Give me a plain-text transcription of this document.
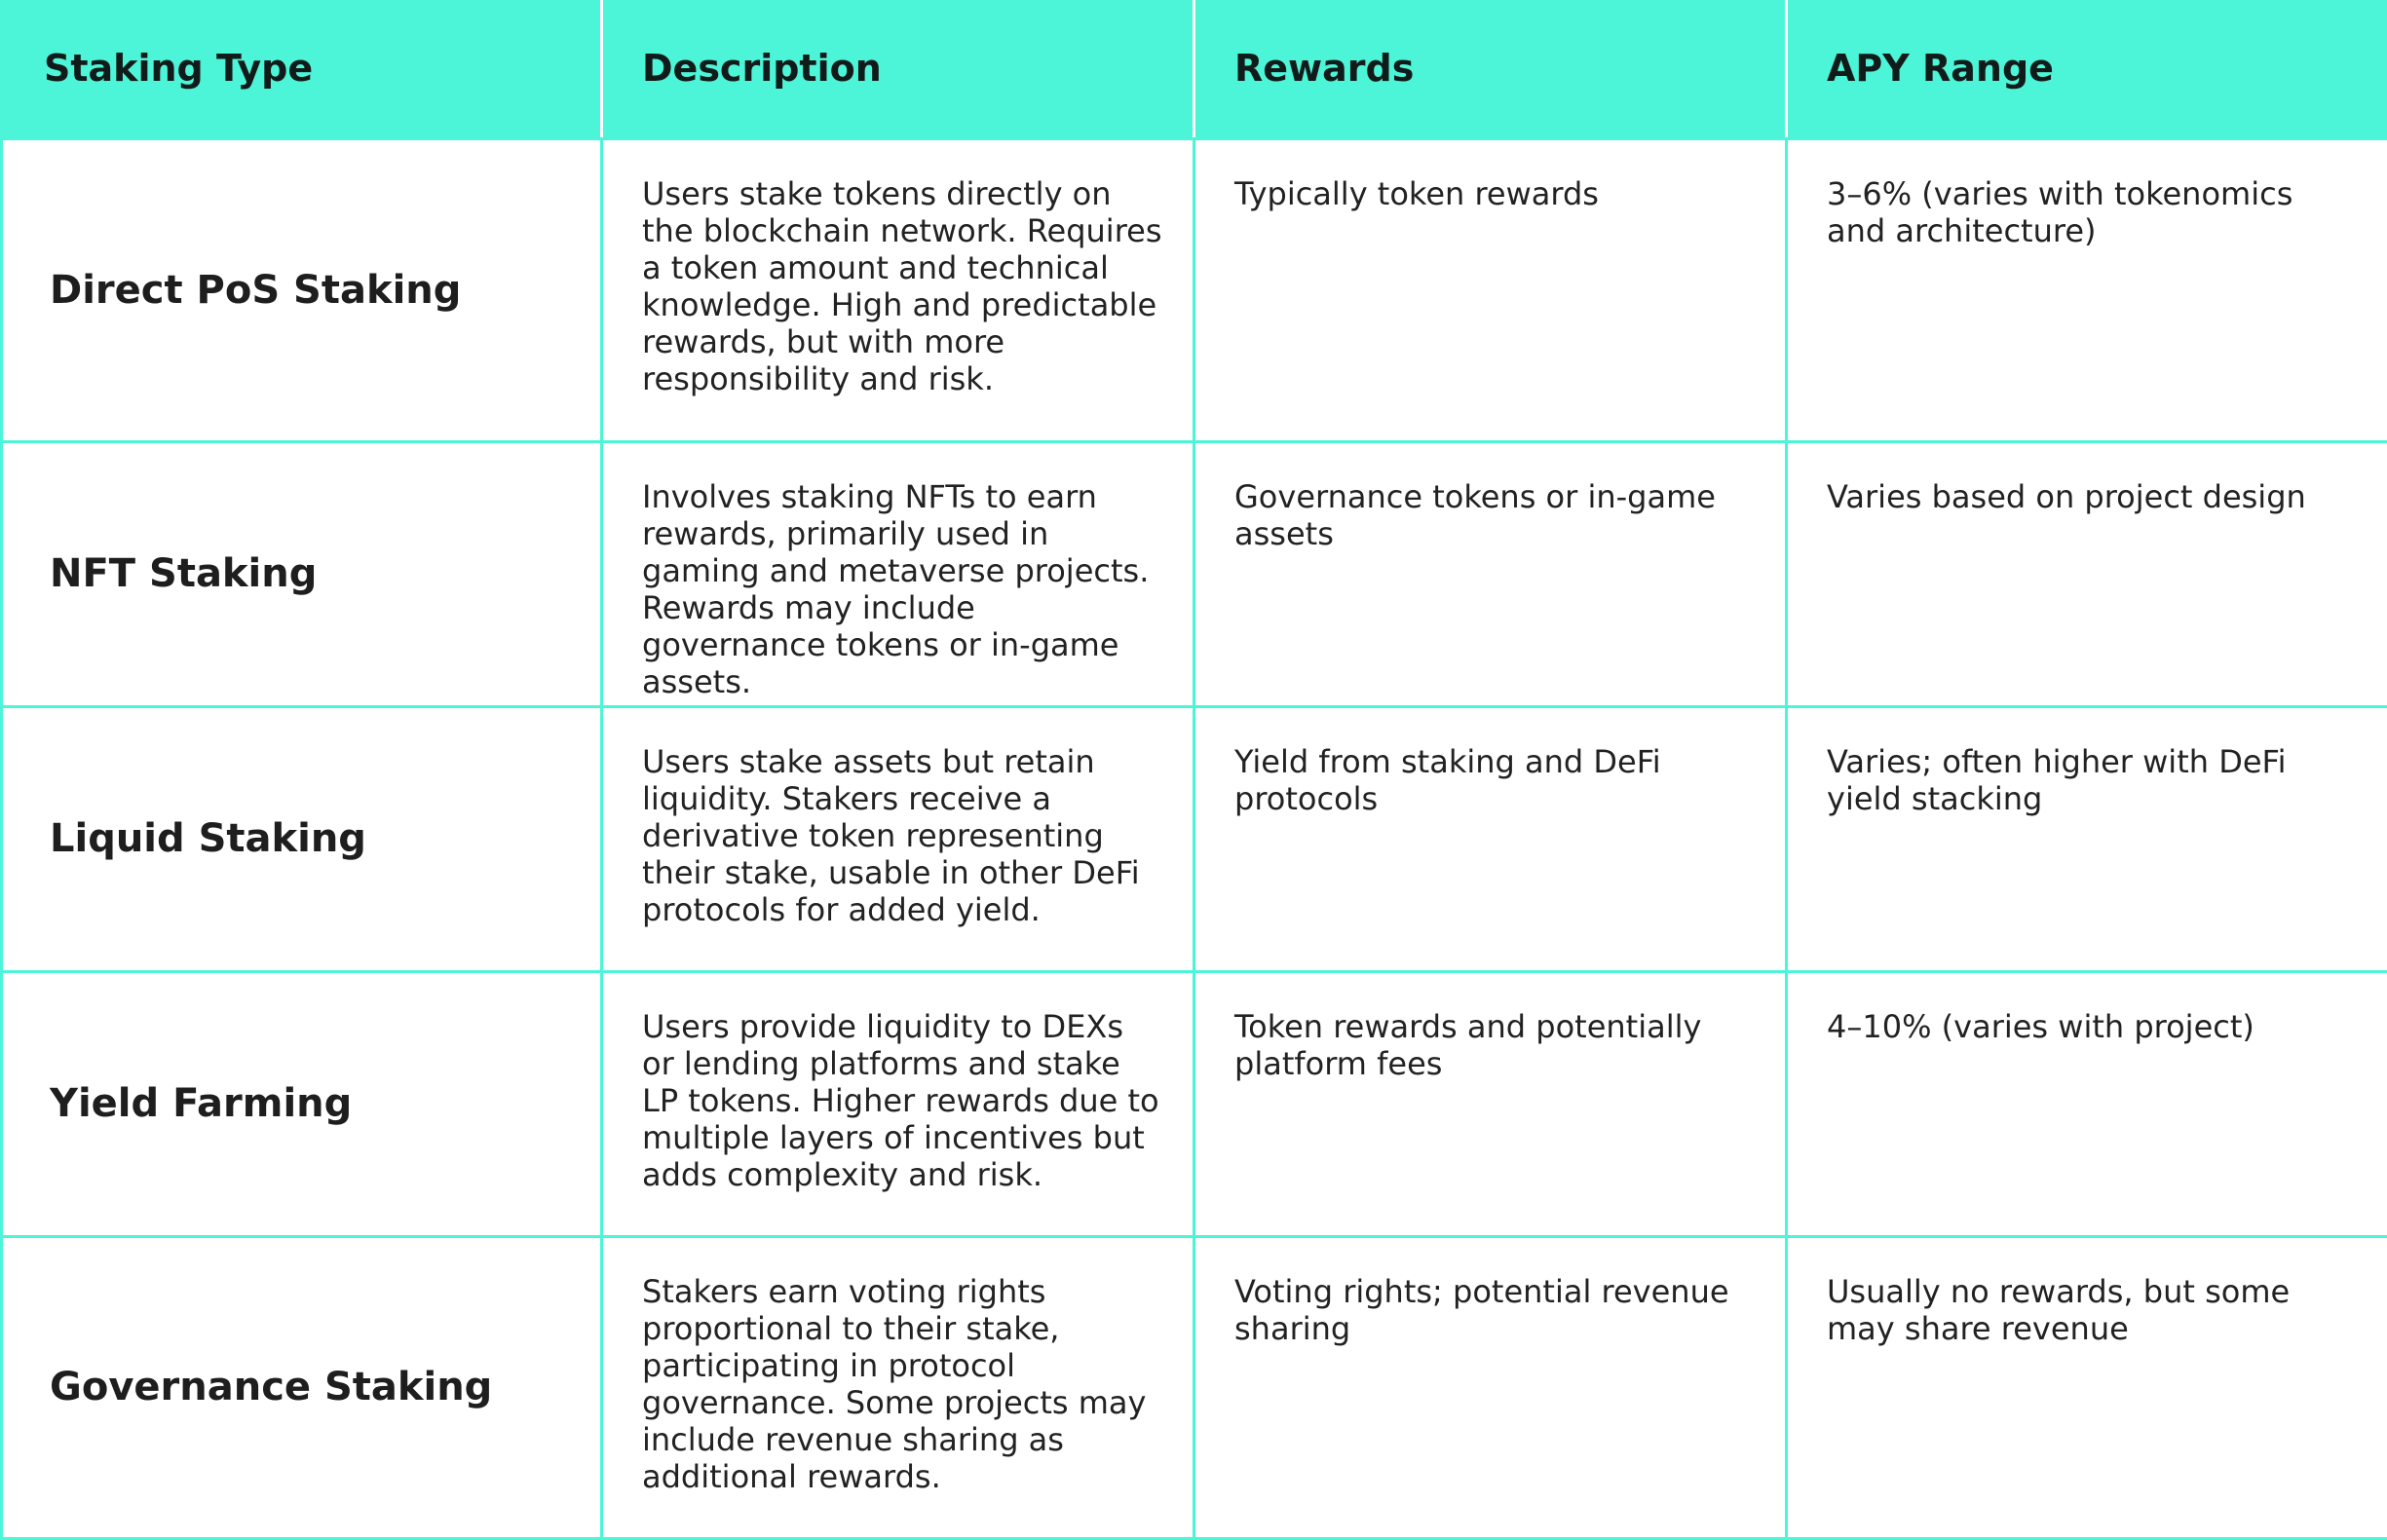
Staking Type	Description	Rewards	APY Range
Direct PoS Staking	Users stake tokens directly on the blockchain network. Requires a token amount and technical knowledge. High and predictable rewards, but with more responsibility and risk.	Typically token rewards	3–6% (varies with tokenomics and architecture)
NFT Staking	Involves staking NFTs to earn rewards, primarily used in gaming and metaverse projects. Rewards may include governance tokens or in-game assets.	Governance tokens or in-game assets	Varies based on project design
Liquid Staking	Users stake assets but retain liquidity. Stakers receive a derivative token representing their stake, usable in other DeFi protocols for added yield.	Yield from staking and DeFi protocols	Varies; often higher with DeFi yield stacking
Yield Farming	Users provide liquidity to DEXs or lending platforms and stake LP tokens. Higher rewards due to multiple layers of incentives but adds complexity and risk.	Token rewards and potentially platform fees	4–10% (varies with project)
Governance Staking	Stakers earn voting rights proportional to their stake, participating in protocol governance. Some projects may include revenue sharing as additional rewards.	Voting rights; potential revenue sharing	Usually no rewards, but some may share revenue
